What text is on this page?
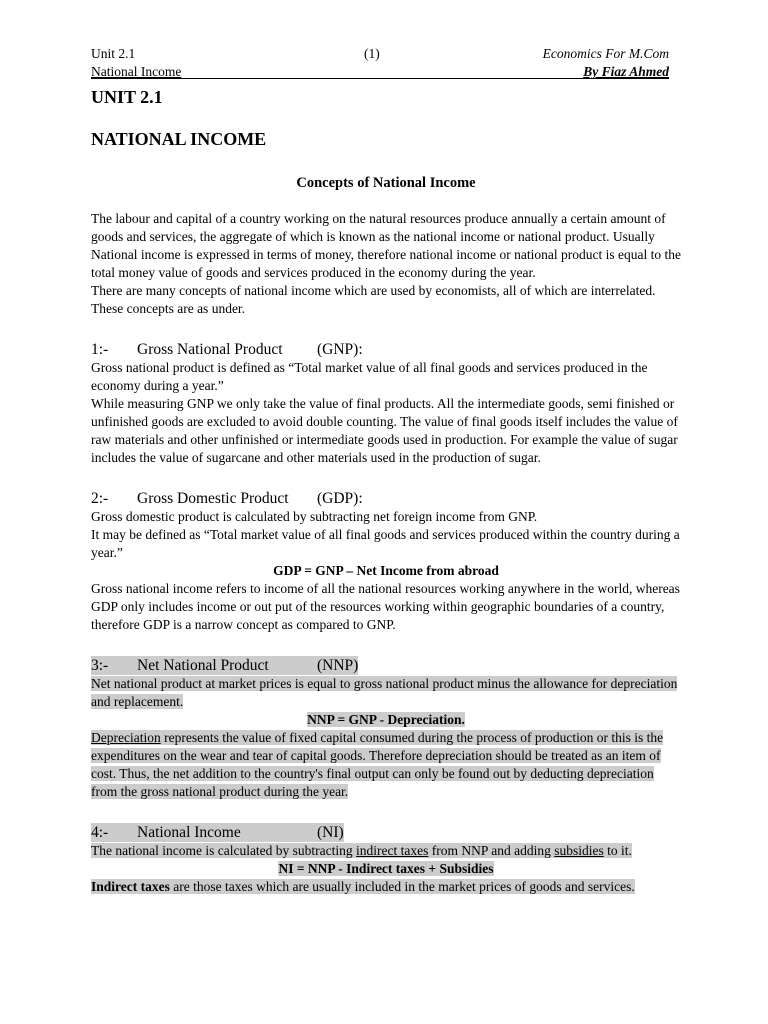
Unit 2.1	(1)	Economics For M.Com
National Income	By Fiaz Ahmed
UNIT 2.1
NATIONAL INCOME
Concepts of National Income

The labour and capital of a country working on the natural resources produce annually a certain amount of goods and services, the aggregate of which is known as the national income or national product. Usually National income is expressed in terms of money, therefore national income or national product is equal to the total money value of goods and services produced in the economy during the year.

There are many concepts of national income which are used by economists, all of which are interrelated. These concepts are as under.

1:-	Gross National Product	(GNP):

Gross national product is defined as “Total market value of all final goods and services produced in the economy during a year.”

While measuring GNP we only take the value of final products. All the intermediate goods, semi finished or unfinished goods are excluded to avoid double counting. The value of final goods itself includes the value of raw materials and other unfinished or intermediate goods used in production. For example the value of sugar includes the value of sugarcane and other materials used in the production of sugar.

2:-	Gross Domestic Product	(GDP):

Gross domestic product is calculated by subtracting net foreign income from GNP.

It may be defined as “Total market value of all final goods and services produced within the country during a year.”

GDP = GNP – Net Income from abroad

Gross national income refers to income of all the national resources working anywhere in the world, whereas GDP only includes income or out put of the resources working within geographic boundaries of a country, therefore GDP is a narrow concept as compared to GNP.

3:-	Net National Product	(NNP)

Net national product at market prices is equal to gross national product minus the allowance for depreciation and replacement.

NNP = GNP - Depreciation.

Depreciation represents the value of fixed capital consumed during the process of production or this is the expenditures on the wear and tear of capital goods. Therefore depreciation should be treated as an item of cost. Thus, the net addition to the country's final output can only be found out by deducting depreciation from the gross national product during the year.

4:-	National Income	(NI)

The national income is calculated by subtracting indirect taxes from NNP and adding subsidies to it.

NI = NNP - Indirect taxes + Subsidies

Indirect taxes are those taxes which are usually included in the market prices of goods and services.
